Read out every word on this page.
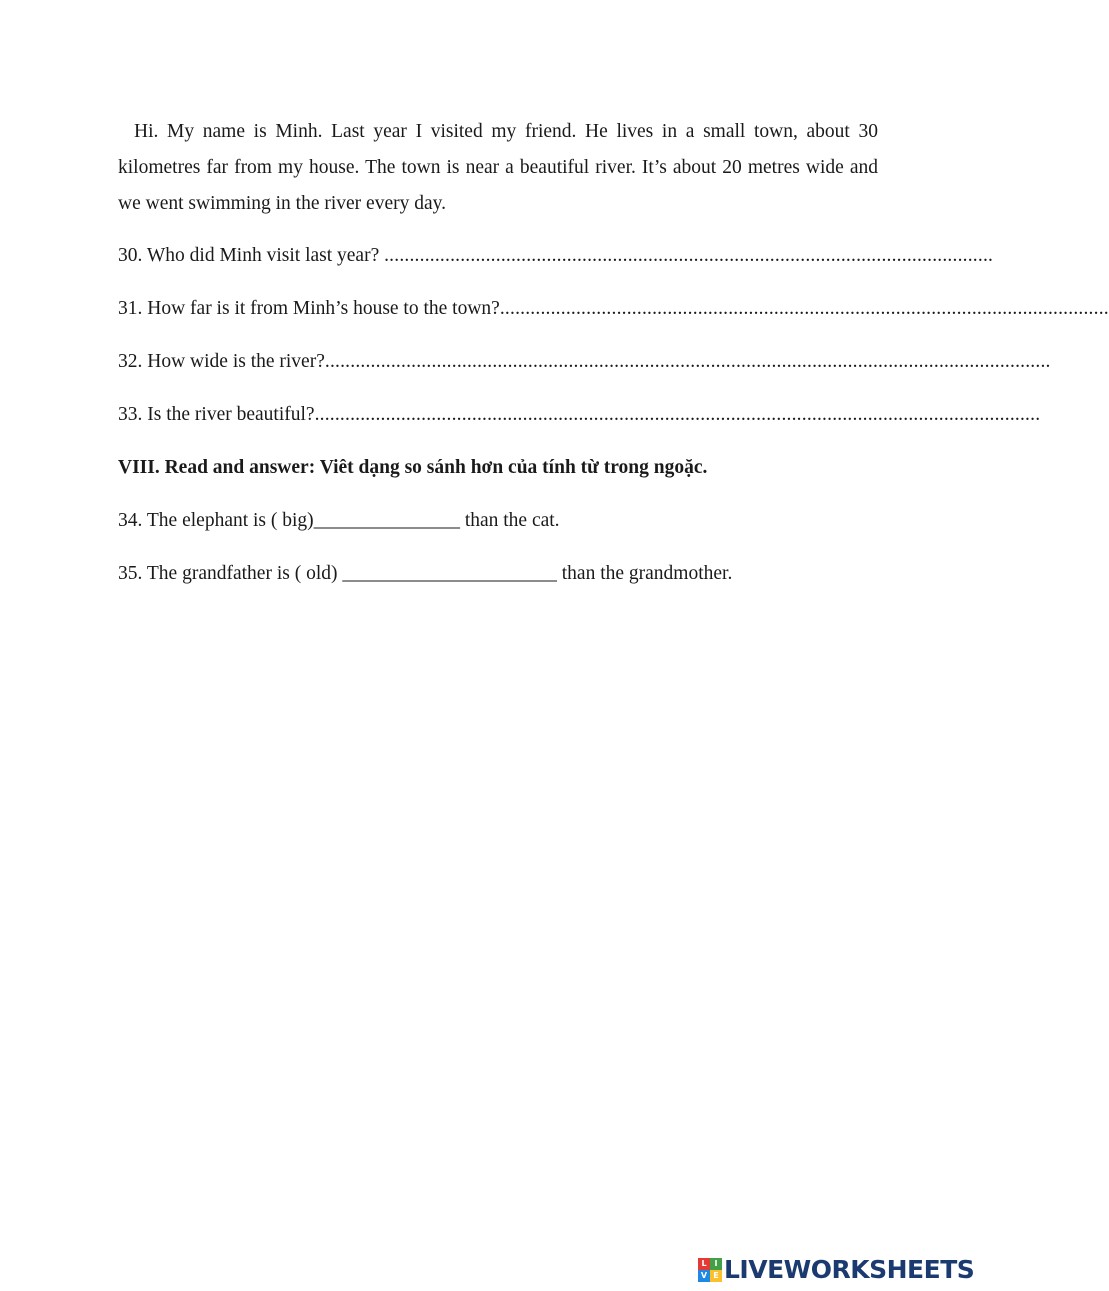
Hi. My name is Minh. Last year I visited my friend. He lives in a small town, about 30 kilometres far from my house. The town is near a beautiful river. It’s about 20 metres wide and we went swimming in the river every day.

30. Who did Minh visit last year? ........................................................................................................................
31. How far is it from Minh’s house to the town? ........................................................................................................................
32. How wide is the river? ...............................................................................................................................................
33. Is the river beautiful? ...............................................................................................................................................
VIII. Read and answer: Viêt dạng so sánh hơn của tính từ trong ngoặc.
34. The elephant is ( big)_______________ than the cat.
35. The grandfather is ( old) ______________________ than the grandmother.
L I
V E LIVEWORKSHEETS
